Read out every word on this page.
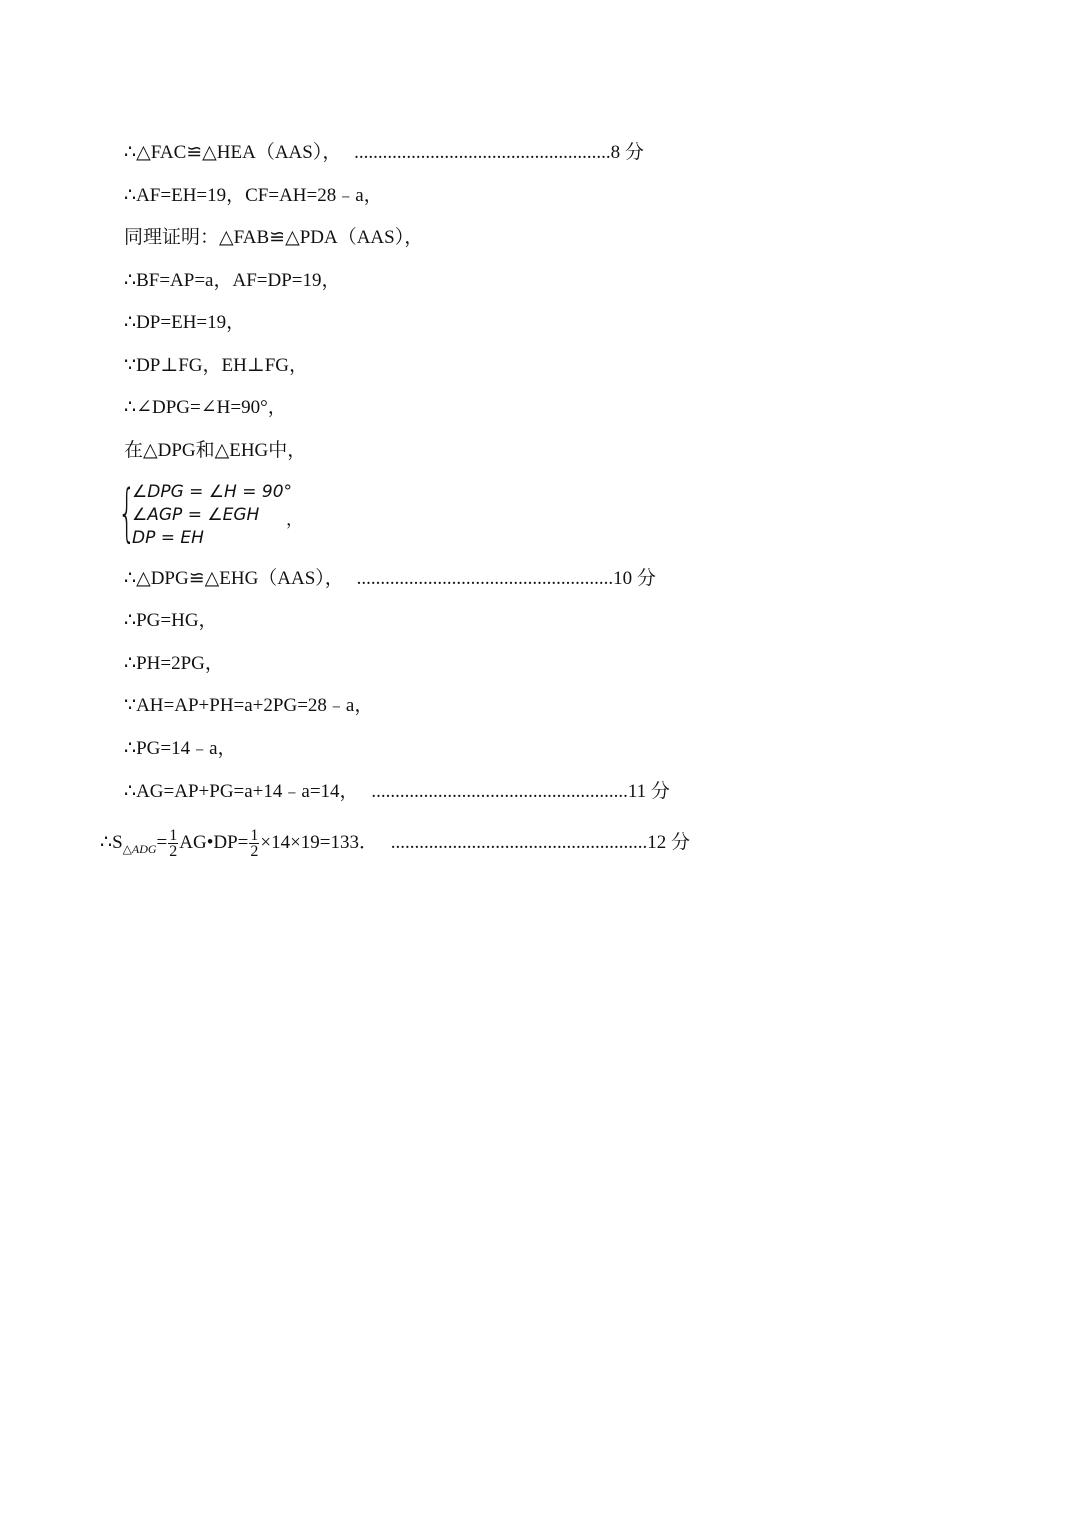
∴△FAC≌△HEA（AAS）， ......................................................8 分
∴AF=EH=19，CF=AH=28﹣a，
同理证明：△FAB≌△PDA（AAS），
∴BF=AP=a，AF=DP=19，
∴DP=EH=19，
∵DP⊥FG，EH⊥FG，
∴∠DPG=∠H=90°，
在△DPG和△EHG中，
{
∠DPG = ∠H = 90°
∠AGP = ∠EGH
DP = EH
，
∴△DPG≌△EHG（AAS）， ......................................................10 分
∴PG=HG，
∴PH=2PG，
∵AH=AP+PH=a+2PG=28﹣a，
∴PG=14﹣a，
∴AG=AP+PG=a+14﹣a=14， ......................................................11 分
$\therefore S_{\triangle ADG}= \frac{1}{2}$ AG•DP= $\frac{1}{2} \times 14\times 19=133$． ......................................................12 分
